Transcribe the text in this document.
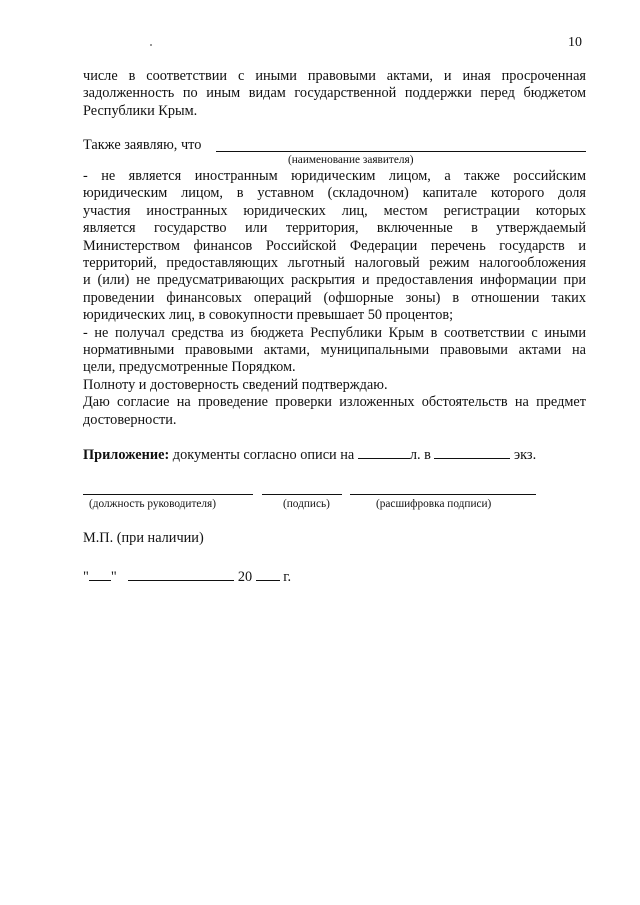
10
числе в соответствии с иными правовыми актами, и иная просроченная
задолженность по иным видам государственной поддержки перед бюджетом
Республики Крым.
Также заявляю, что
(наименование заявителя)
- не является иностранным юридическим лицом, а также российским
юридическим лицом, в уставном (складочном) капитале которого доля
участия иностранных юридических лиц, местом регистрации которых
является государство или территория, включенные в утверждаемый
Министерством финансов Российской Федерации перечень государств и
территорий, предоставляющих льготный налоговый режим налогообложения
и (или) не предусматривающих раскрытия и предоставления информации при
проведении финансовых операций (офшорные зоны) в отношении таких
юридических лиц, в совокупности превышает 50 процентов;
- не получал средства из бюджета Республики Крым в соответствии с иными
нормативными правовыми актами, муниципальными правовыми актами на
цели, предусмотренные Порядком.
Полноту и достоверность сведений подтверждаю.
Даю согласие на проведение проверки изложенных обстоятельств на предмет
достоверности.
Приложение: документы согласно описи на	л. в	экз.
(должность руководителя)	(подпись)	(расшифровка подписи)
М.П. (при наличии)
" "	20 г.
